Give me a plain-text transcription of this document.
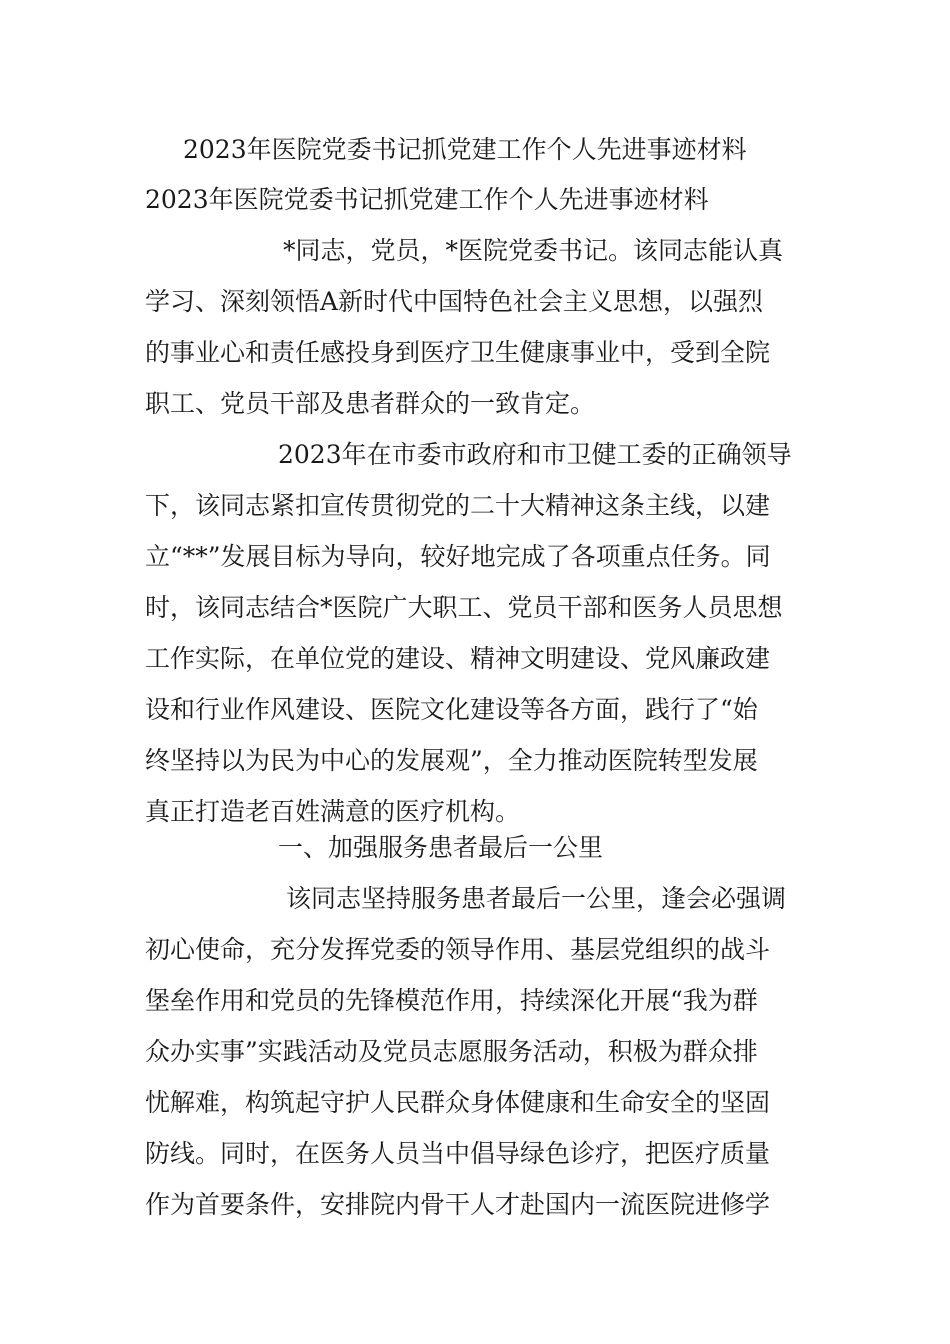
2023年医院党委书记抓党建工作个人先进事迹材料
2023年医院党委书记抓党建工作个人先进事迹材料
*同志，党员，*医院党委书记。该同志能认真
学习、深刻领悟A新时代中国特色社会主义思想，以强烈
的事业心和责任感投身到医疗卫生健康事业中，受到全院
职工、党员干部及患者群众的一致肯定。
2023年在市委市政府和市卫健工委的正确领导
下，该同志紧扣宣传贯彻党的二十大精神这条主线，以建
立“**”发展目标为导向，较好地完成了各项重点任务。同
时，该同志结合*医院广大职工、党员干部和医务人员思想
工作实际，在单位党的建设、精神文明建设、党风廉政建
设和行业作风建设、医院文化建设等各方面，践行了“始
终坚持以为民为中心的发展观”，全力推动医院转型发展
真正打造老百姓满意的医疗机构。
一、加强服务患者最后一公里
该同志坚持服务患者最后一公里，逢会必强调
初心使命，充分发挥党委的领导作用、基层党组织的战斗
堡垒作用和党员的先锋模范作用，持续深化开展“我为群
众办实事”实践活动及党员志愿服务活动，积极为群众排
忧解难，构筑起守护人民群众身体健康和生命安全的坚固
防线。同时，在医务人员当中倡导绿色诊疗，把医疗质量
作为首要条件，安排院内骨干人才赴国内一流医院进修学
